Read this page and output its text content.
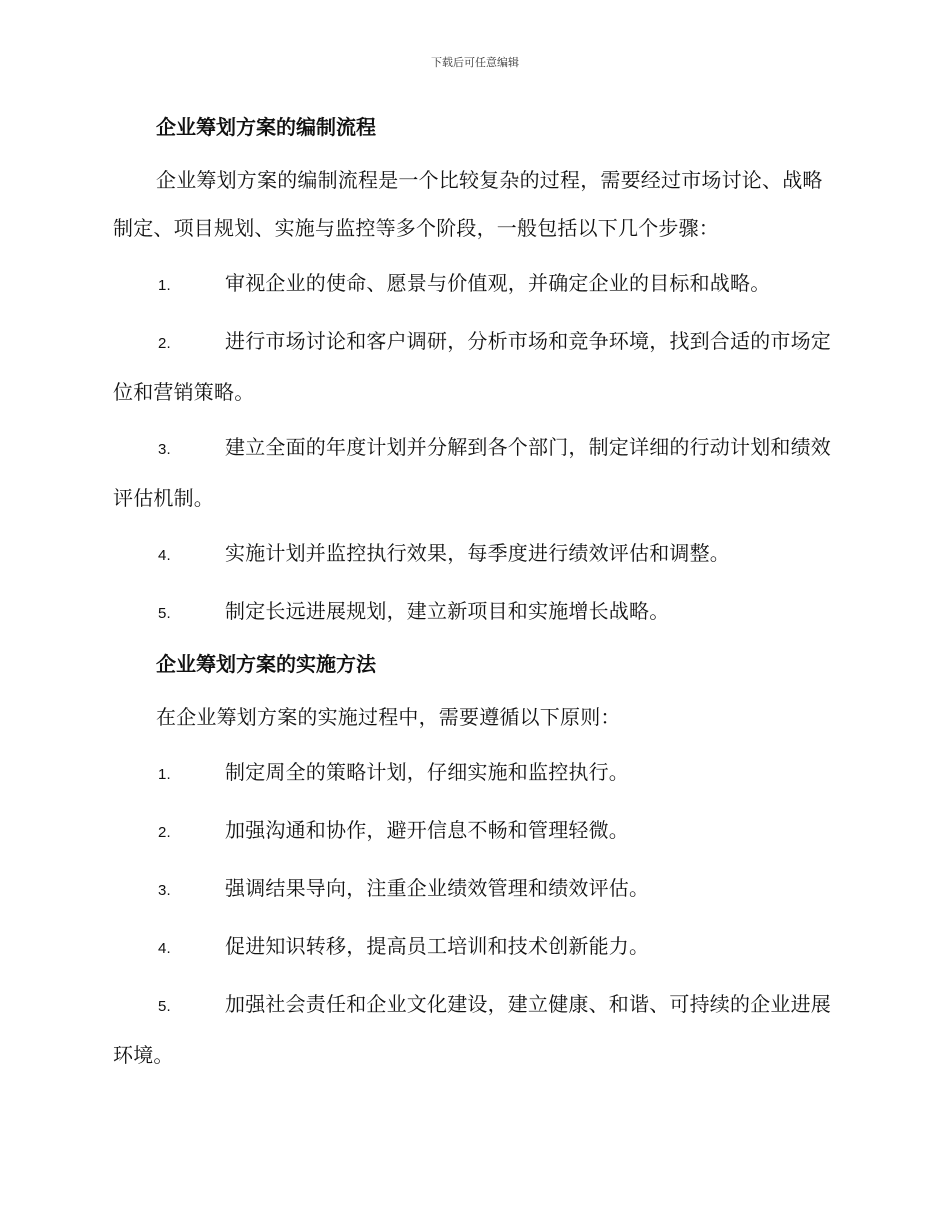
下载后可任意编辑
企业筹划方案的编制流程

企业筹划方案的编制流程是一个比较复杂的过程，需要经过市场讨论、战略制定、项目规划、实施与监控等多个阶段，一般包括以下几个步骤：

1.	审视企业的使命、愿景与价值观，并确定企业的目标和战略。

2.	进行市场讨论和客户调研，分析市场和竞争环境，找到合适的市场定位和营销策略。

3.	建立全面的年度计划并分解到各个部门，制定详细的行动计划和绩效评估机制。

4.	实施计划并监控执行效果，每季度进行绩效评估和调整。

5.	制定长远进展规划，建立新项目和实施增长战略。

企业筹划方案的实施方法

在企业筹划方案的实施过程中，需要遵循以下原则：

1.	制定周全的策略计划，仔细实施和监控执行。

2.	加强沟通和协作，避开信息不畅和管理轻微。

3.	强调结果导向，注重企业绩效管理和绩效评估。

4.	促进知识转移，提高员工培训和技术创新能力。

5.	加强社会责任和企业文化建设，建立健康、和谐、可持续的企业进展环境。
